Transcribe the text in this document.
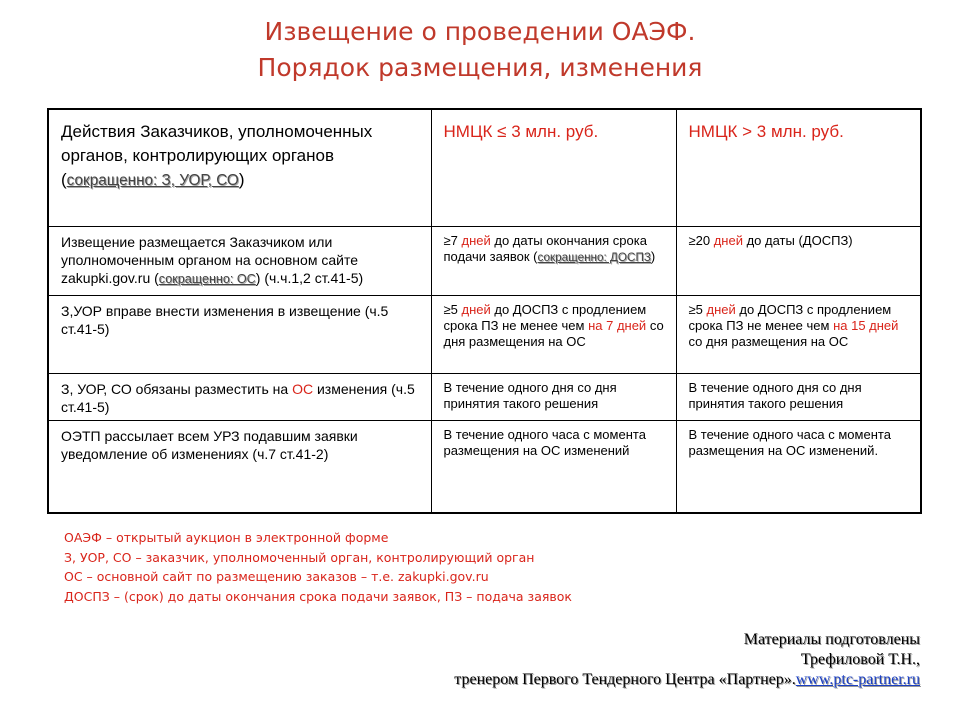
Извещение о проведении ОАЭФ.
Порядок размещения, изменения
Действия Заказчиков, уполномоченных органов, контролирующих органов (сокращенно: З, УОР, СО)	НМЦК ≤ 3 млн. руб.	НМЦК > 3 млн. руб.
Извещение размещается Заказчиком или уполномоченным органом на основном сайте zakupki.gov.ru (сокращенно: ОС) (ч.ч.1,2 ст.41-5)	≥7 дней до даты окончания срока подачи заявок (сокращенно: ДОСПЗ)	≥20 дней до даты (ДОСПЗ)
З,УОР вправе внести изменения в извещение (ч.5 ст.41-5)	≥5 дней до ДОСПЗ с продлением срока ПЗ не менее чем на 7 дней со дня размещения на ОС	≥5 дней до ДОСПЗ с продлением срока ПЗ не менее чем на 15 дней со дня размещения на ОС
З, УОР, СО обязаны разместить на ОС изменения (ч.5 ст.41-5)	В течение одного дня со дня принятия такого решения	В течение одного дня со дня принятия такого решения
ОЭТП рассылает всем УРЗ подавшим заявки уведомление об изменениях (ч.7 ст.41-2)	В течение одного часа с момента размещения на ОС изменений	В течение одного часа с момента размещения на ОС изменений.
ОАЭФ – открытый аукцион в электронной форме
З, УОР, СО – заказчик, уполномоченный орган, контролирующий орган
ОС – основной сайт по размещению заказов – т.е. zakupki.gov.ru
ДОСПЗ – (срок) до даты окончания срока подачи заявок, ПЗ – подача заявок
Материалы подготовлены
Трефиловой Т.Н.,
тренером Первого Тендерного Центра «Партнер».www.ptc-partner.ru
